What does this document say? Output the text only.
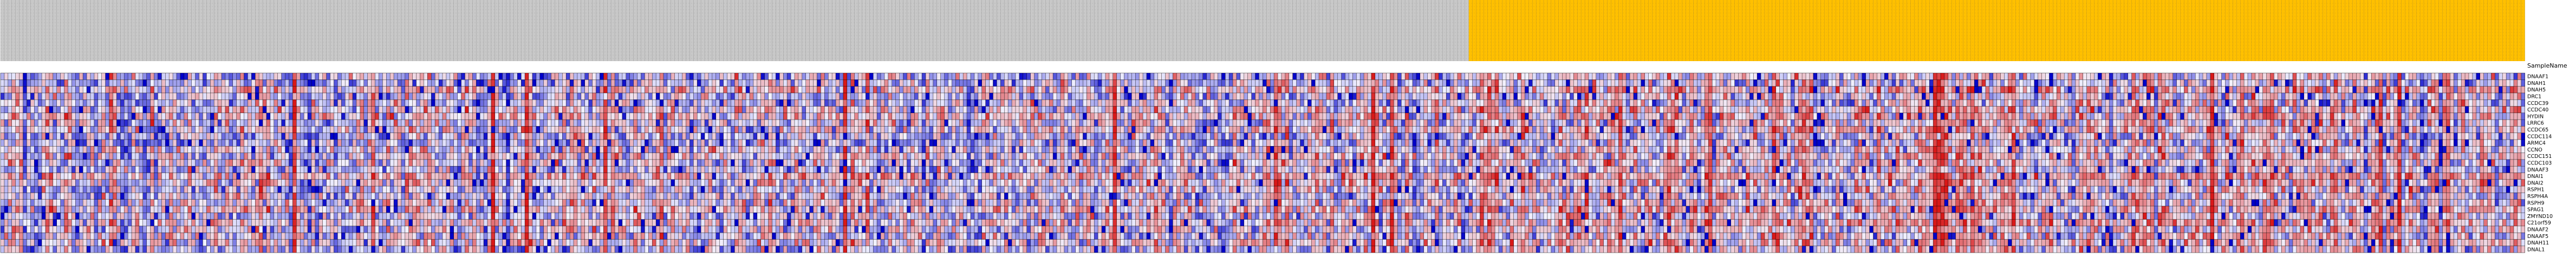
SampleName
DNAAF1
DNAH1
DNAH5
DRC1
CCDC39
CCDC40
HYDIN
LRRC6
CCDC65
CCDC114
ARMC4
CCNO
CCDC151
CCDC103
DNAAF3
DNAI1
DNAI2
RSPH1
RSPH4A
RSPH9
SPAG1
ZMYND10
C21orf59
DNAAF2
DNAAF5
DNAH11
DNAL1
